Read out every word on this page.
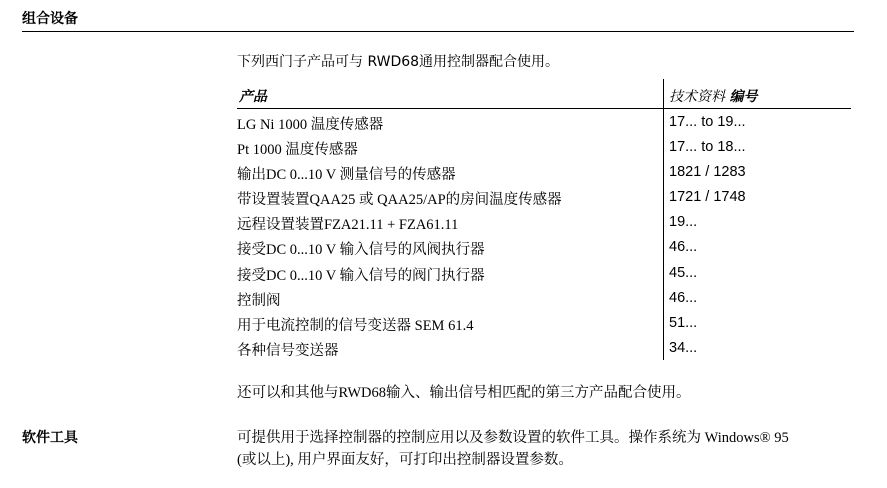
组合设备
下列西门子产品可与 RWD68通用控制器配合使用。
产品	技术资料 编号
LG Ni 1000 温度传感器	17... to 19...
Pt 1000 温度传感器	17... to 18...
输出DC 0...10 V 测量信号的传感器	1821 / 1283
带设置装置QAA25 或 QAA25/AP的房间温度传感器	1721 / 1748
远程设置装置FZA21.11 + FZA61.11	19...
接受DC 0...10 V 输入信号的风阀执行器	46...
接受DC 0...10 V 输入信号的阀门执行器	45...
控制阀	46...
用于电流控制的信号变送器 SEM 61.4	51...
各种信号变送器	34...
还可以和其他与RWD68输入、输出信号相匹配的第三方产品配合使用。
软件工具	可提供用于选择控制器的控制应用以及参数设置的软件工具。操作系统为 Windows® 95
(或以上), 用户界面友好，可打印出控制器设置参数。
